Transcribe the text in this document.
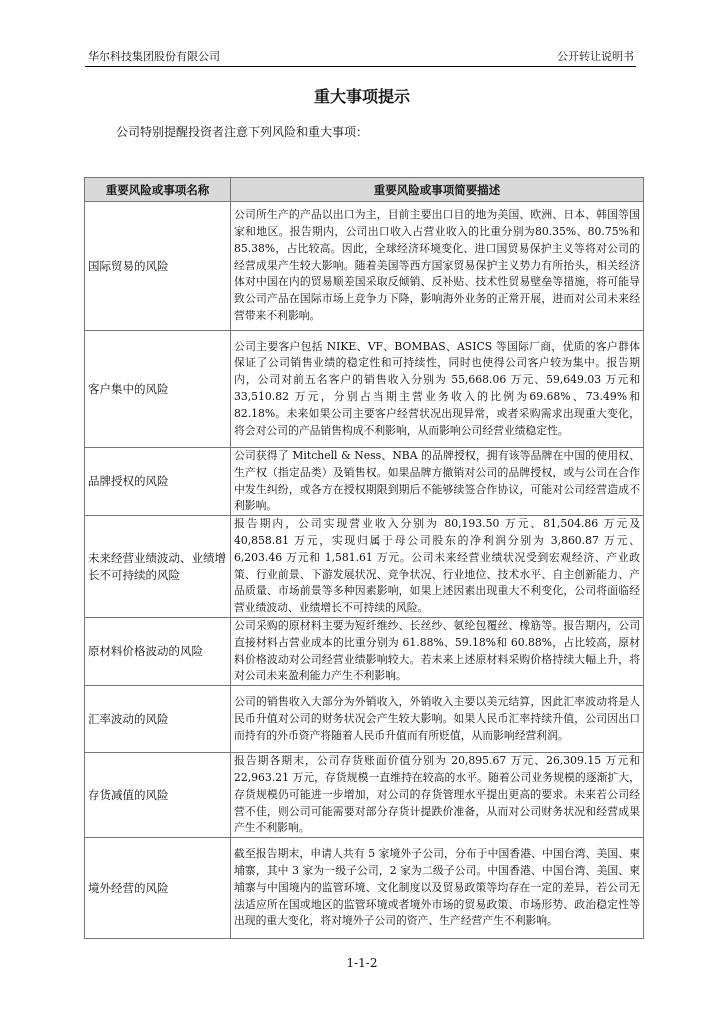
华尔科技集团股份有限公司	公开转让说明书
重大事项提示
公司特别提醒投资者注意下列风险和重大事项：
重要风险或事项名称	重要风险或事项简要描述
国际贸易的风险	公司所生产的产品以出口为主，目前主要出口目的地为美国、欧洲、日本、韩国等国家和地区。报告期内，公司出口收入占营业收入的比重分别为80.35%、80.75%和 85.38%，占比较高。因此，全球经济环境变化、进口国贸易保护主义等将对公司的经营成果产生较大影响。随着美国等西方国家贸易保护主义势力有所抬头，相关经济体对中国在内的贸易顺差国采取反倾销、反补贴、技术性贸易壁垒等措施，将可能导致公司产品在国际市场上竞争力下降，影响海外业务的正常开展，进而对公司未来经营带来不利影响。
客户集中的风险	公司主要客户包括 NIKE、VF、BOMBAS、ASICS 等国际厂商，优质的客户群体保证了公司销售业绩的稳定性和可持续性，同时也使得公司客户较为集中。报告期内，公司对前五名客户的销售收入分别为 55,668.06 万元、59,649.03 万元和 33,510.82 万元，分别占当期主营业务收入的比例为69.68%、73.49%和 82.18%。未来如果公司主要客户经营状况出现异常，或者采购需求出现重大变化，将会对公司的产品销售构成不利影响，从而影响公司经营业绩稳定性。
品牌授权的风险	公司获得了 Mitchell & Ness、NBA 的品牌授权，拥有该等品牌在中国的使用权、生产权（指定品类）及销售权。如果品牌方撤销对公司的品牌授权，或与公司在合作中发生纠纷，或各方在授权期限到期后不能够续签合作协议，可能对公司经营造成不利影响。
未来经营业绩波动、业绩增长不可持续的风险	报告期内，公司实现营业收入分别为 80,193.50 万元、81,504.86 万元及40,858.81 万元，实现归属于母公司股东的净利润分别为 3,860.87 万元、6,203.46 万元和 1,581.61 万元。公司未来经营业绩状况受到宏观经济、产业政策、行业前景、下游发展状况、竞争状况、行业地位、技术水平、自主创新能力、产品质量、市场前景等多种因素影响，如果上述因素出现重大不利变化，公司将面临经营业绩波动、业绩增长不可持续的风险。
原材料价格波动的风险	公司采购的原材料主要为短纤维纱、长丝纱、氨纶包覆丝、橡筋等。报告期内，公司直接材料占营业成本的比重分别为 61.88%、59.18%和 60.88%，占比较高，原材料价格波动对公司经营业绩影响较大。若未来上述原材料采购价格持续大幅上升，将对公司未来盈利能力产生不利影响。
汇率波动的风险	公司的销售收入大部分为外销收入，外销收入主要以美元结算，因此汇率波动将是人民币升值对公司的财务状况会产生较大影响。如果人民币汇率持续升值，公司因出口而持有的外币资产将随着人民币升值而有所贬值，从而影响经营利润。
存货减值的风险	报告期各期末，公司存货账面价值分别为 20,895.67 万元、26,309.15 万元和 22,963.21 万元，存货规模一直维持在较高的水平。随着公司业务规模的逐渐扩大，存货规模仍可能进一步增加，对公司的存货管理水平提出更高的要求。未来若公司经营不佳，则公司可能需要对部分存货计提跌价准备，从而对公司财务状况和经营成果产生不利影响。
境外经营的风险	截至报告期末，申请人共有 5 家境外子公司，分布于中国香港、中国台湾、美国、柬埔寨，其中 3 家为一级子公司，2 家为二级子公司。中国香港、中国台湾、美国、柬埔寨与中国境内的监管环境、文化制度以及贸易政策等均存在一定的差异，若公司无法适应所在国或地区的监管环境或者境外市场的贸易政策、市场形势、政治稳定性等出现的重大变化，将对境外子公司的资产、生产经营产生不利影响。
1-1-2
